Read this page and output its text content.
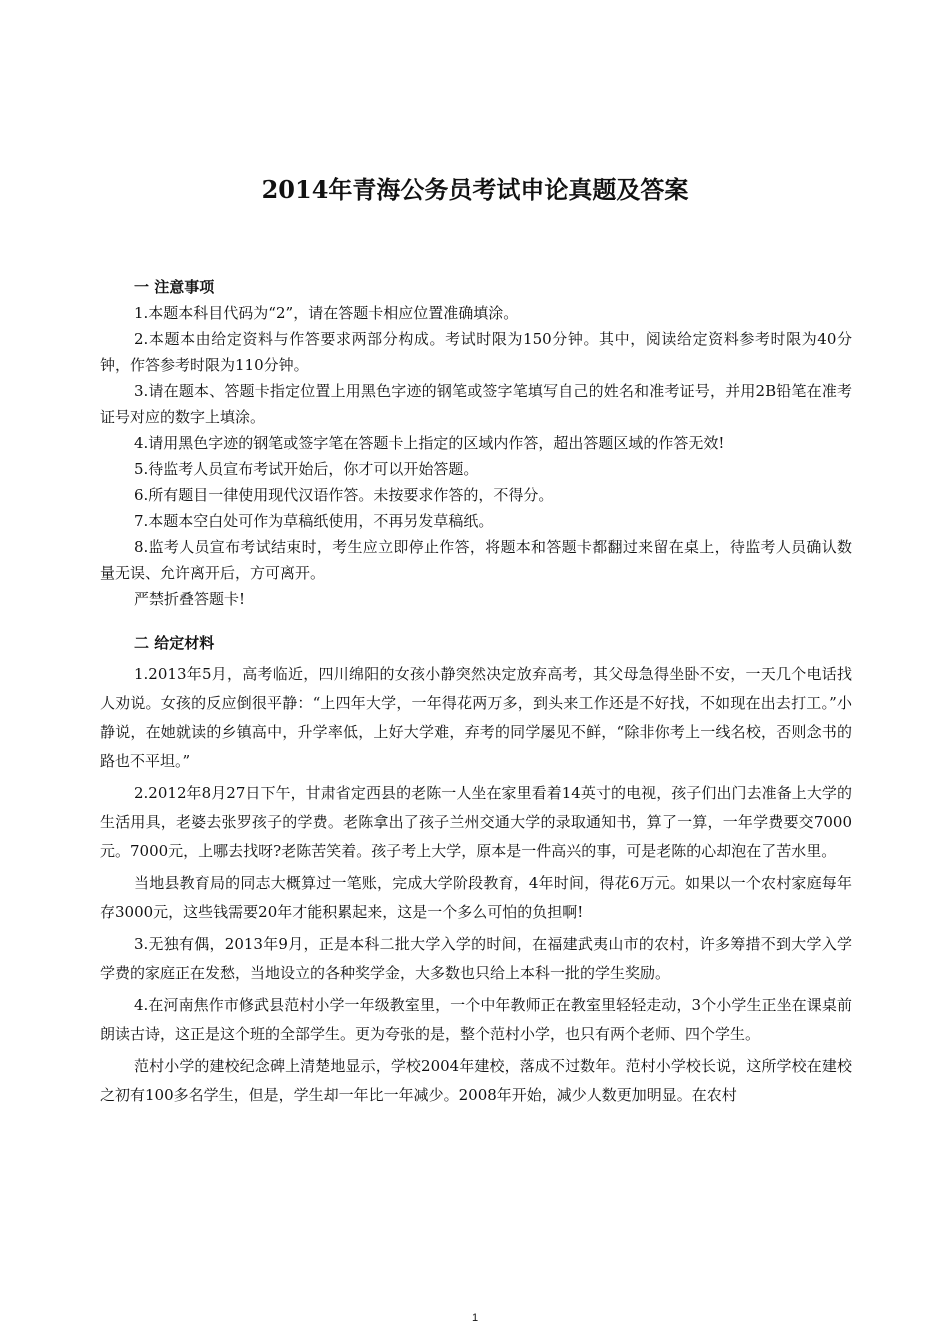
2014年青海公务员考试申论真题及答案

一 注意事项

1.本题本科目代码为“2”，请在答题卡相应位置准确填涂。

2.本题本由给定资料与作答要求两部分构成。考试时限为150分钟。其中，阅读给定资料参考时限为40分钟，作答参考时限为110分钟。

3.请在题本、答题卡指定位置上用黑色字迹的钢笔或签字笔填写自己的姓名和准考证号，并用2B铅笔在准考证号对应的数字上填涂。

4.请用黑色字迹的钢笔或签字笔在答题卡上指定的区域内作答，超出答题区域的作答无效!

5.待监考人员宣布考试开始后，你才可以开始答题。

6.所有题目一律使用现代汉语作答。未按要求作答的，不得分。

7.本题本空白处可作为草稿纸使用，不再另发草稿纸。

8.监考人员宣布考试结束时，考生应立即停止作答，将题本和答题卡都翻过来留在桌上，待监考人员确认数量无误、允许离开后，方可离开。

严禁折叠答题卡!

二 给定材料

1.2013年5月，高考临近，四川绵阳的女孩小静突然决定放弃高考，其父母急得坐卧不安，一天几个电话找人劝说。女孩的反应倒很平静：“上四年大学，一年得花两万多，到头来工作还是不好找，不如现在出去打工。”小静说，在她就读的乡镇高中，升学率低，上好大学难，弃考的同学屡见不鲜，“除非你考上一线名校，否则念书的路也不平坦。”

2.2012年8月27日下午，甘肃省定西县的老陈一人坐在家里看着14英寸的电视，孩子们出门去准备上大学的生活用具，老婆去张罗孩子的学费。老陈拿出了孩子兰州交通大学的录取通知书，算了一算，一年学费要交7000元。7000元，上哪去找呀?老陈苦笑着。孩子考上大学，原本是一件高兴的事，可是老陈的心却泡在了苦水里。

当地县教育局的同志大概算过一笔账，完成大学阶段教育，4年时间，得花6万元。如果以一个农村家庭每年存3000元，这些钱需要20年才能积累起来，这是一个多么可怕的负担啊!

3.无独有偶，2013年9月，正是本科二批大学入学的时间，在福建武夷山市的农村，许多筹措不到大学入学学费的家庭正在发愁，当地设立的各种奖学金，大多数也只给上本科一批的学生奖励。

4.在河南焦作市修武县范村小学一年级教室里，一个中年教师正在教室里轻轻走动，3个小学生正坐在课桌前朗读古诗，这正是这个班的全部学生。更为夸张的是，整个范村小学，也只有两个老师、四个学生。

范村小学的建校纪念碑上清楚地显示，学校2004年建校，落成不过数年。范村小学校长说，这所学校在建校之初有100多名学生，但是，学生却一年比一年减少。2008年开始，减少人数更加明显。在农村

1
